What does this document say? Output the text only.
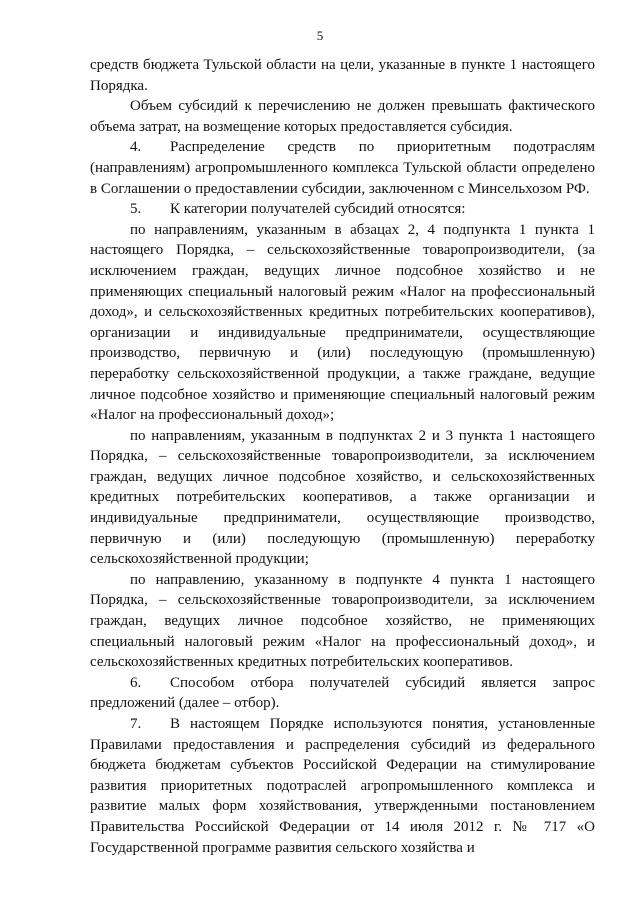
5

средств бюджета Тульской области на цели, указанные в пункте 1 настоящего Порядка.

Объем субсидий к перечислению не должен превышать фактического объема затрат, на возмещение которых предоставляется субсидия.

4. Распределение средств по приоритетным подотраслям (направлениям) агропромышленного комплекса Тульской области определено в Соглашении о предоставлении субсидии, заключенном с Минсельхозом РФ.

5. К категории получателей субсидий относятся:

по направлениям, указанным в абзацах 2, 4 подпункта 1 пункта 1 настоящего Порядка, – сельскохозяйственные товаропроизводители, (за исключением граждан, ведущих личное подсобное хозяйство и не применяющих специальный налоговый режим «Налог на профессиональный доход», и сельскохозяйственных кредитных потребительских кооперативов), организации и индивидуальные предприниматели, осуществляющие производство, первичную и (или) последующую (промышленную) переработку сельскохозяйственной продукции, а также граждане, ведущие личное подсобное хозяйство и применяющие специальный налоговый режим «Налог на профессиональный доход»;

по направлениям, указанным в подпунктах 2 и 3 пункта 1 настоящего Порядка, – сельскохозяйственные товаропроизводители, за исключением граждан, ведущих личное подсобное хозяйство, и сельскохозяйственных кредитных потребительских кооперативов, а также организации и индивидуальные предприниматели, осуществляющие производство, первичную и (или) последующую (промышленную) переработку сельскохозяйственной продукции;

по направлению, указанному в подпункте 4 пункта 1 настоящего Порядка, – сельскохозяйственные товаропроизводители, за исключением граждан, ведущих личное подсобное хозяйство, не применяющих специальный налоговый режим «Налог на профессиональный доход», и сельскохозяйственных кредитных потребительских кооперативов.

6. Способом отбора получателей субсидий является запрос предложений (далее – отбор).

7. В настоящем Порядке используются понятия, установленные Правилами предоставления и распределения субсидий из федерального бюджета бюджетам субъектов Российской Федерации на стимулирование развития приоритетных подотраслей агропромышленного комплекса и развитие малых форм хозяйствования, утвержденными постановлением Правительства Российской Федерации от 14 июля 2012 г. № 717 «О Государственной программе развития сельского хозяйства и
